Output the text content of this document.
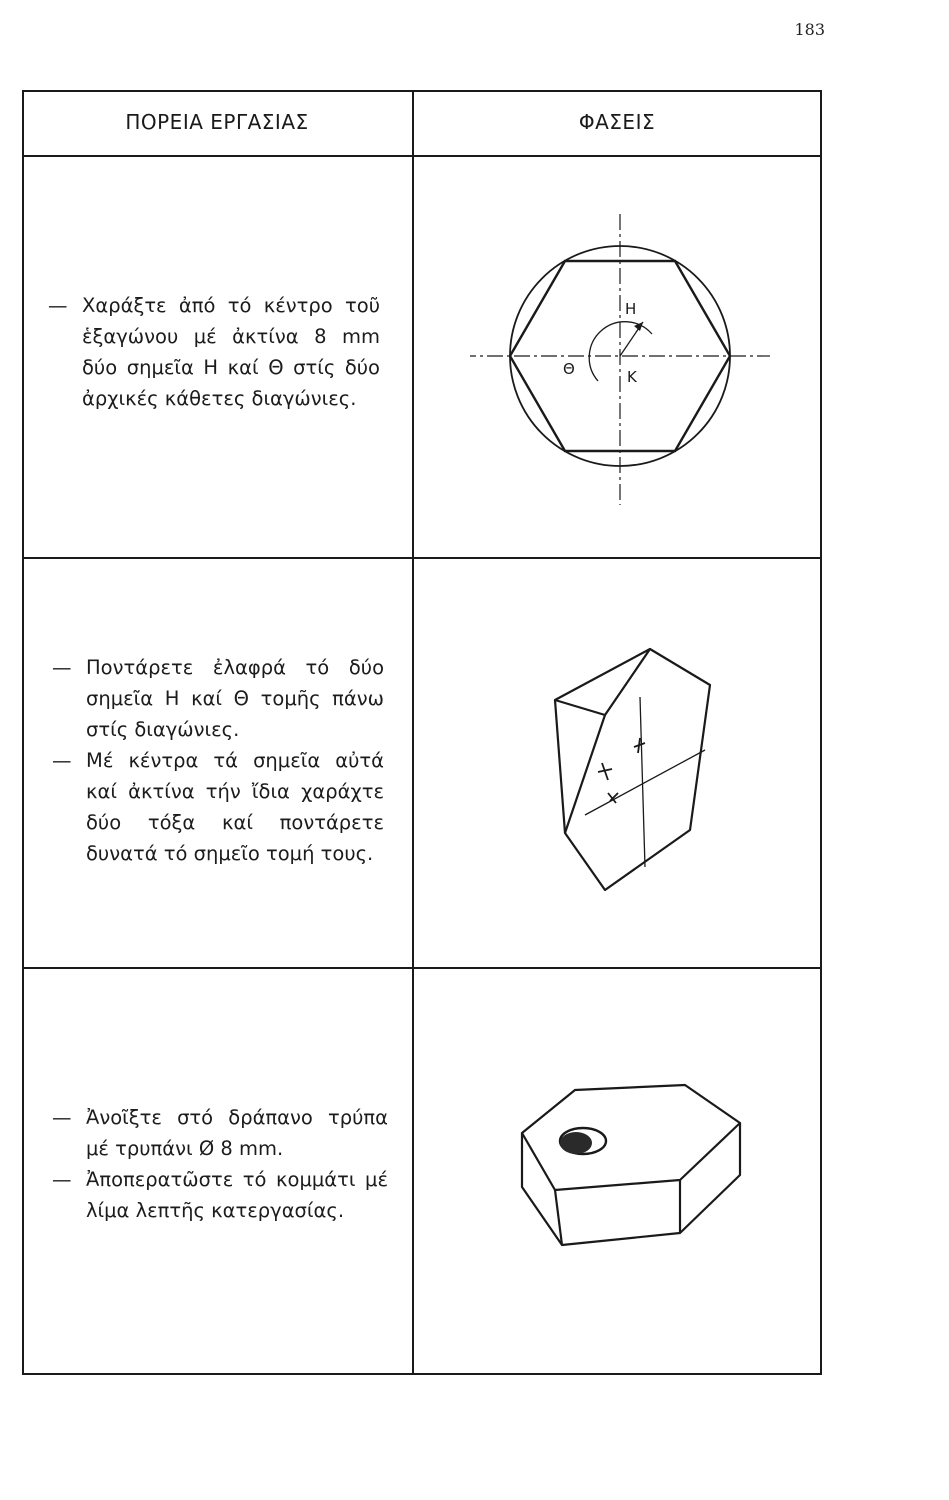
183
ΠΟΡΕΙΑ ΕΡΓΑΣΙΑΣ	ΦΑΣΕΙΣ
— Χαράξτε ἀπό τό κέντρο τοῦ ἑξαγώνου μέ ἀκτίνα 8 mm δύο σημεῖα Η καί Θ στίς δύο ἀρχικές κάθετες διαγώνιες.
Η
Θ	Κ
— Ποντάρετε ἐλαφρά τό δύο σημεῖα Η καί Θ τομῆς πάνω στίς διαγώνιες.
— Μέ κέντρα τά σημεῖα αὐτά καί ἀκτίνα τήν ἴδια χαράχτε δύο τόξα καί ποντάρετε δυνατά τό σημεῖο τομή τους.
— Ἀνοῖξτε στό δράπανο τρύπα μέ τρυπάνι Ø 8 mm.
— Ἀποπερατῶστε τό κομμάτι μέ λίμα λεπτῆς κατεργασίας.
